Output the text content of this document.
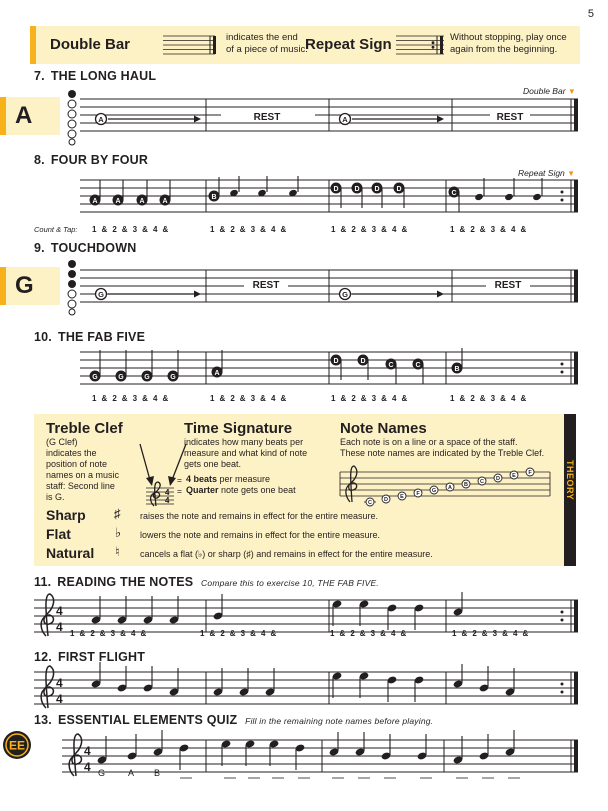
5
Double Bar	indicates the end
of a piece of music.
Repeat Sign	Without stopping, play once
again from the beginning.
7. THE LONG HAUL
Double Bar ▼
A	A	REST	A	REST
8. FOUR BY FOUR
Repeat Sign ▼
A	A	A	A
B
D D D D
C
Count & Tap: 1  &  2  &  3  &  4  &	1  &  2  &  3  &  4  &	1  &  2  &  3  &  4  &	1  &  2  &  3  &  4  &
9. TOUCHDOWN
G	G
REST
G
REST
10. THE FAB FIVE
G	G	G	G
A
D	D
C	C
B
1  &  2  &  3  &  4  &	1  &  2  &  3  &  4  &	1  &  2  &  3  &  4  &	1  &  2  &  3  &  4  &
THEORY
Treble Clef
(G Clef)
indicates the
position of note
names on a music
staff: Second line
is G.	4
4
=
=
Time Signature
indicates how many beats per
measure and what kind of note
gets one beat.
4 beats per measure
Quarter note gets one beat
Note Names
Each note is on a line or a space of the staff.
These note names are indicated by the Treble Clef.
C D E F G A B C D E F
Sharp ♯ raises the note and remains in effect for the entire measure.
Flat	♭ lowers the note and remains in effect for the entire measure.
Natural ♮ cancels a flat (♭) or sharp (♯) and remains in effect for the entire measure.
11. READING THE NOTES Compare this to exercise 10, THE FAB FIVE.
4
4 1  &  2  &  3  &  4  &	1  &  2  &  3  &  4  &	1  &  2  &  3  &  4  &	1  &  2  &  3  &  4  &
12. FIRST FLIGHT
4
4
13. ESSENTIAL ELEMENTS QUIZ Fill in the remaining note names before playing.
EE	4
4 G	A B
